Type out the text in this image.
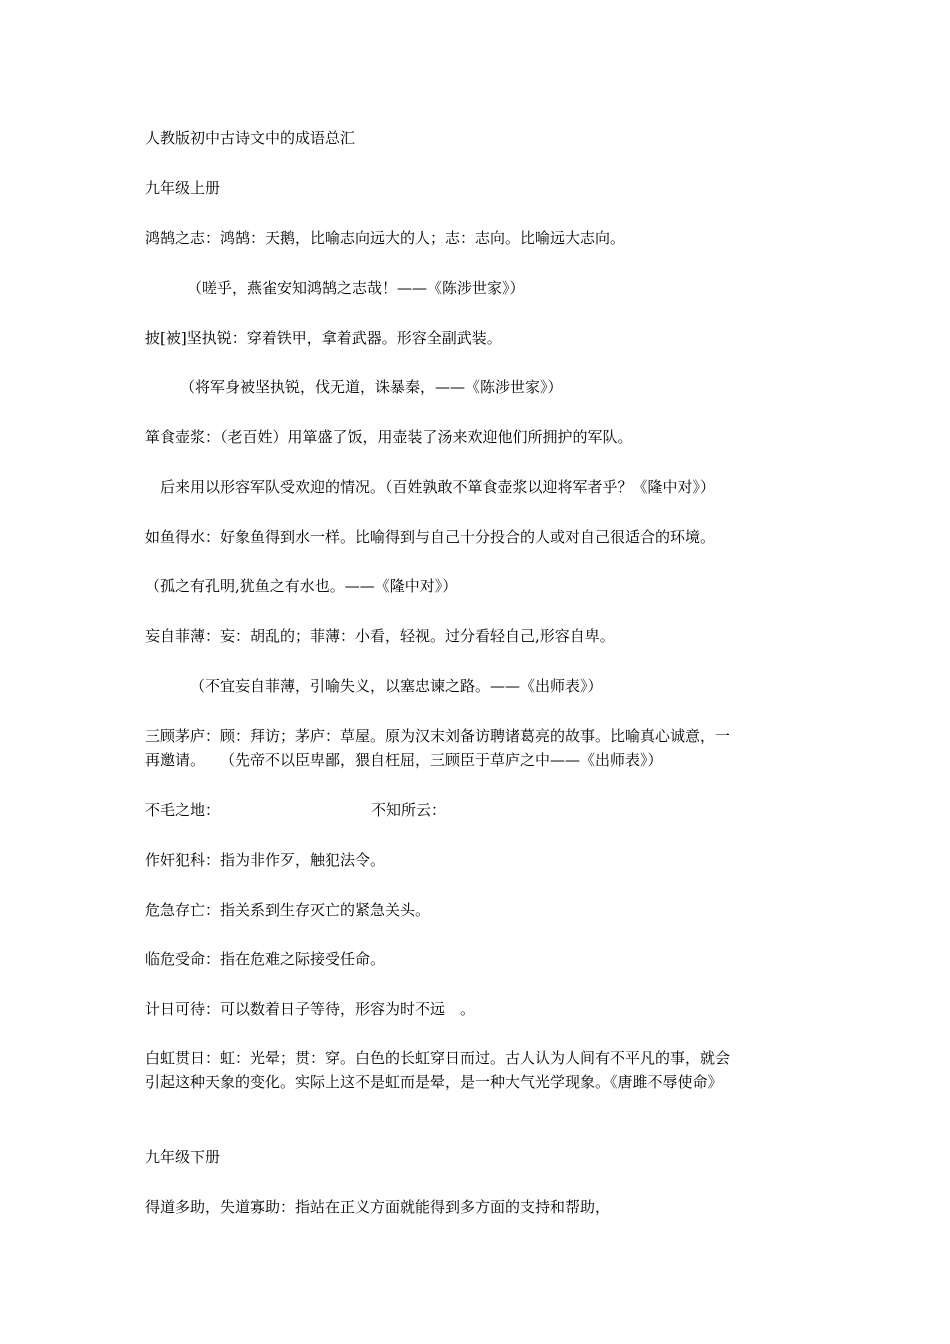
人教版初中古诗文中的成语总汇

九年级上册

鸿鹄之志：鸿鹄：天鹅，比喻志向远大的人；志：志向。比喻远大志向。

（嗟乎，燕雀安知鸿鹄之志哉！——《陈涉世家》）

披[被]坚执锐：穿着铁甲，拿着武器。形容全副武装。

（将军身被坚执锐，伐无道，诛暴秦，——《陈涉世家》）

箪食壶浆：（老百姓）用箪盛了饭，用壶装了汤来欢迎他们所拥护的军队。

后来用以形容军队受欢迎的情况。（百姓孰敢不箪食壶浆以迎将军者乎？《隆中对》）

如鱼得水：好象鱼得到水一样。比喻得到与自己十分投合的人或对自己很适合的环境。

（孤之有孔明,犹鱼之有水也。——《隆中对》）

妄自菲薄：妄：胡乱的；菲薄：小看，轻视。过分看轻自己,形容自卑。

（不宜妄自菲薄，引喻失义，以塞忠谏之路。——《出师表》）

三顾茅庐：顾：拜访；茅庐：草屋。原为汉末刘备访聘诸葛亮的故事。比喻真心诚意，一

再邀请。　　（先帝不以臣卑鄙，猥自枉屈，三顾臣于草庐之中——《出师表》）

不毛之地：	不知所云：

作奸犯科：指为非作歹，触犯法令。

危急存亡：指关系到生存灭亡的紧急关头。

临危受命：指在危难之际接受任命。

计日可待：可以数着日子等待，形容为时不远　。

白虹贯日：虹：光晕；贯：穿。白色的长虹穿日而过。古人认为人间有不平凡的事，就会

引起这种天象的变化。实际上这不是虹而是晕，是一种大气光学现象。《唐雎不辱使命》

九年级下册

得道多助，失道寡助：指站在正义方面就能得到多方面的支持和帮助，
